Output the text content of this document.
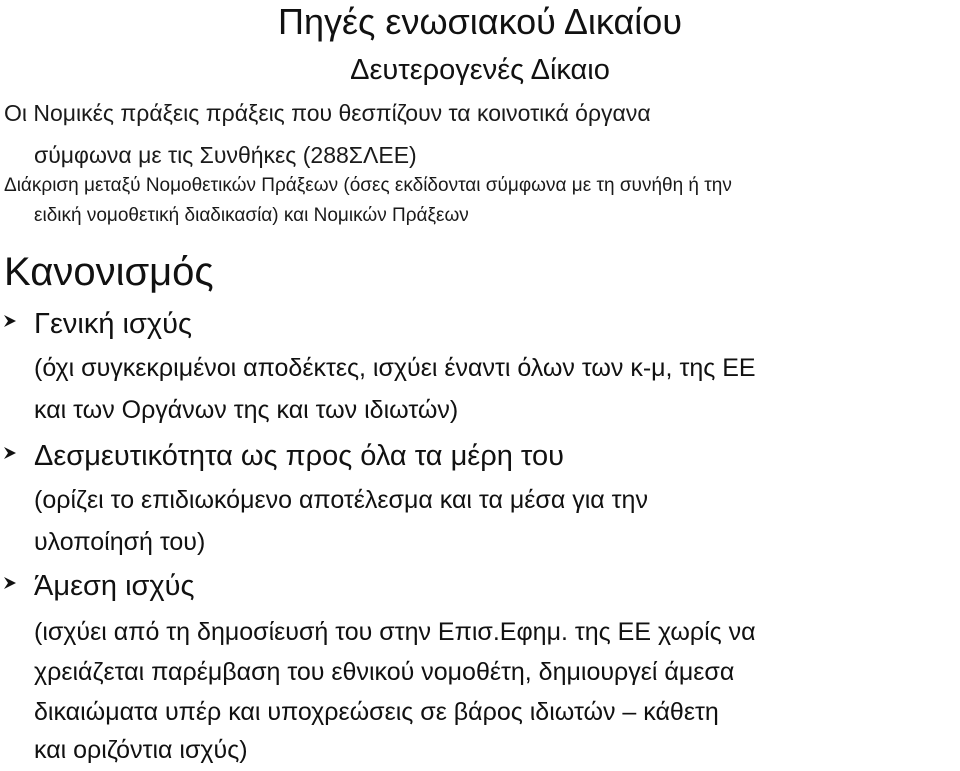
Πηγές ενωσιακού Δικαίου
Δευτερογενές Δίκαιο

Οι Νομικές πράξεις πράξεις που θεσπίζουν τα κοινοτικά όργανα

σύμφωνα με τις Συνθήκες (288ΣΛΕΕ)

Διάκριση μεταξύ Νομοθετικών Πράξεων (όσες εκδίδονται σύμφωνα με τη συνήθη ή την

ειδική νομοθετική διαδικασία) και Νομικών Πράξεων

Κανονισμός

Γενική ισχύς

(όχι συγκεκριμένοι αποδέκτες, ισχύει έναντι όλων των κ-μ, της ΕΕ

και των Οργάνων της και των ιδιωτών)

Δεσμευτικότητα ως προς όλα τα μέρη του

(ορίζει το επιδιωκόμενο αποτέλεσμα και τα μέσα για την

υλοποίησή του)

Άμεση ισχύς

(ισχύει από τη δημοσίευσή του στην Επισ.Εφημ. της ΕΕ χωρίς να

χρειάζεται παρέμβαση του εθνικού νομοθέτη, δημιουργεί άμεσα

δικαιώματα υπέρ και υποχρεώσεις σε βάρος ιδιωτών – κάθετη

και οριζόντια ισχύς)
